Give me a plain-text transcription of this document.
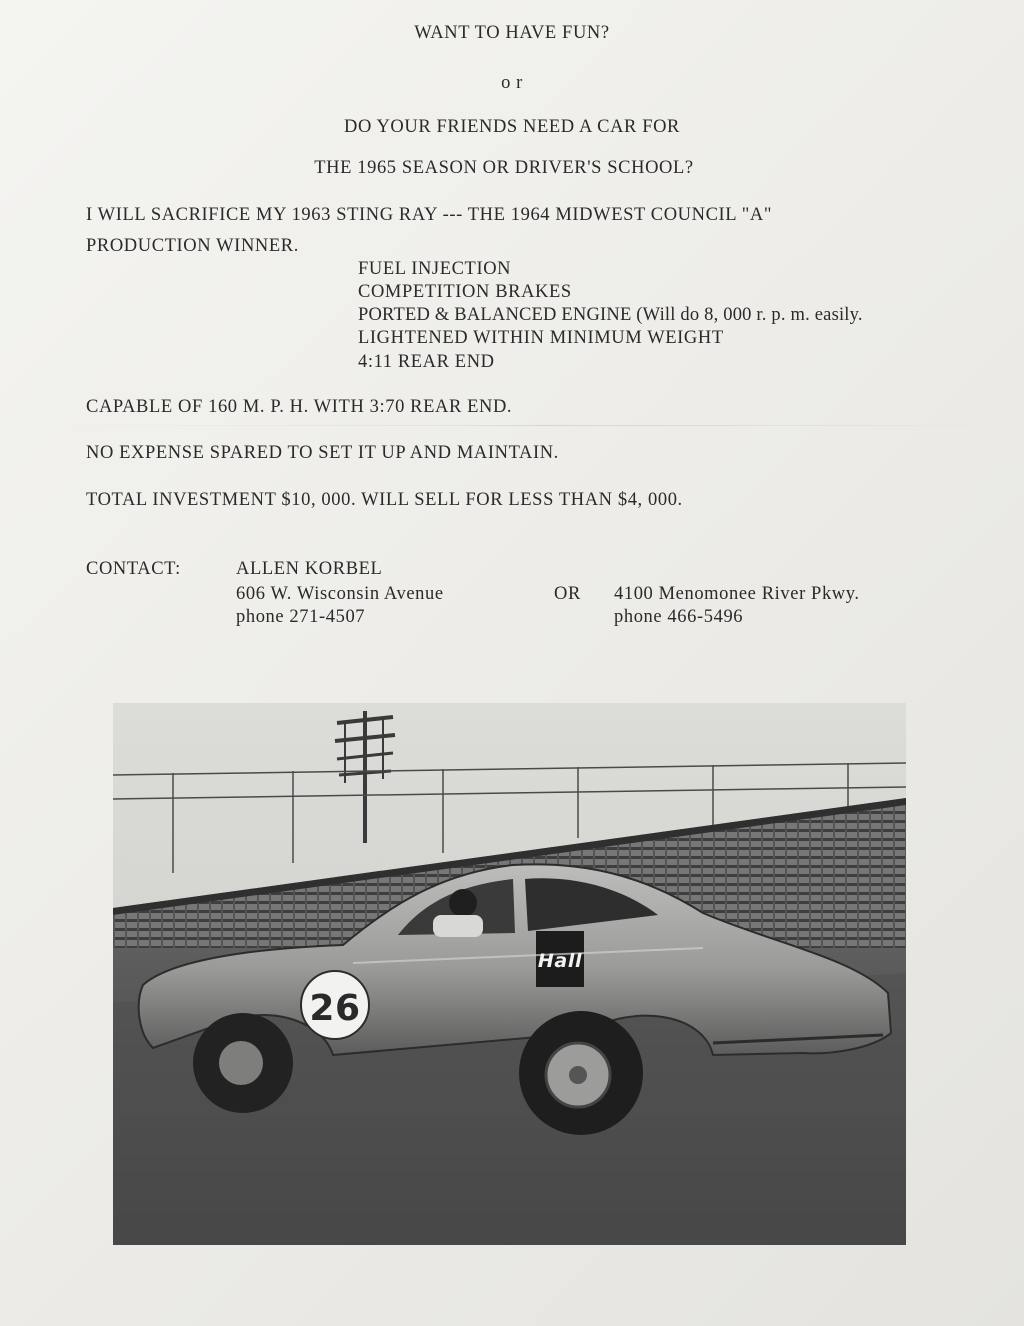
WANT TO HAVE FUN?

o r

DO YOUR FRIENDS NEED A CAR FOR

THE 1965 SEASON OR DRIVER'S SCHOOL?

I WILL SACRIFICE MY 1963 STING RAY --- THE 1964 MIDWEST COUNCIL "A"

PRODUCTION WINNER.

FUEL INJECTION

COMPETITION BRAKES

PORTED & BALANCED ENGINE (Will do 8, 000 r. p. m. easily.

LIGHTENED WITHIN MINIMUM WEIGHT

4:11 REAR END

CAPABLE OF 160 M. P. H. WITH 3:70 REAR END.

NO EXPENSE SPARED TO SET IT UP AND MAINTAIN.

TOTAL INVESTMENT $10, 000. WILL SELL FOR LESS THAN $4, 000.

CONTACT:	ALLEN KORBEL

606 W. Wisconsin Avenue

phone 271-4507

OR 4100 Menomonee River Pkwy.

phone 466-5496

26
Hall
